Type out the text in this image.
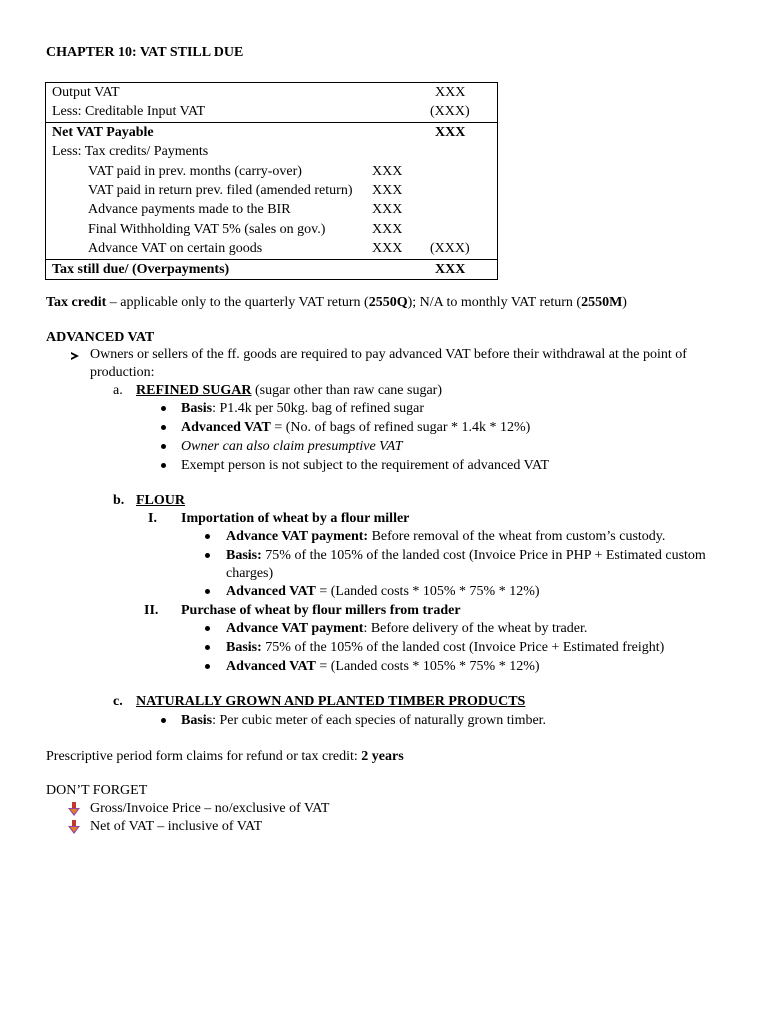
CHAPTER 10: VAT STILL DUE
Output VAT		XXX
Less: Creditable Input VAT		(XXX)
Net VAT Payable		XXX
Less: Tax credits/ Payments		
VAT paid in prev. months (carry-over)	XXX	
VAT paid in return prev. filed (amended return)	XXX	
Advance payments made to the BIR	XXX	
Final Withholding VAT 5% (sales on gov.)	XXX	
Advance VAT on certain goods	XXX	(XXX)
Tax still due/ (Overpayments)		XXX
Tax credit – applicable only to the quarterly VAT return (2550Q); N/A to monthly VAT return (2550M)
ADVANCED VAT
Owners or sellers of the ff. goods are required to pay advanced VAT before their withdrawal at the point of
production:
a. REFINED SUGAR (sugar other than raw cane sugar)
Basis: P1.4k per 50kg. bag of refined sugar
Advanced VAT = (No. of bags of refined sugar * 1.4k * 12%)
Owner can also claim presumptive VAT
Exempt person is not subject to the requirement of advanced VAT
b. FLOUR
I. Importation of wheat by a flour miller
Advance VAT payment: Before removal of the wheat from custom’s custody.
Basis: 75% of the 105% of the landed cost (Invoice Price in PHP + Estimated custom
charges)
Advanced VAT = (Landed costs * 105% * 75% * 12%)
II. Purchase of wheat by flour millers from trader
Advance VAT payment: Before delivery of the wheat by trader.
Basis: 75% of the 105% of the landed cost (Invoice Price + Estimated freight)
Advanced VAT = (Landed costs * 105% * 75% * 12%)
c. NATURALLY GROWN AND PLANTED TIMBER PRODUCTS
Basis: Per cubic meter of each species of naturally grown timber.
Prescriptive period form claims for refund or tax credit: 2 years
DON’T FORGET
Gross/Invoice Price – no/exclusive of VAT
Net of VAT – inclusive of VAT
